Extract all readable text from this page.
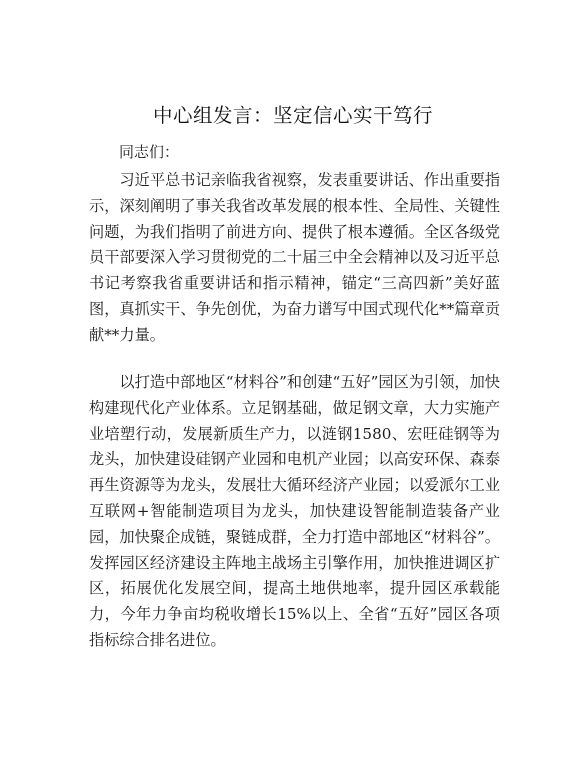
中心组发言：坚定信心实干笃行

同志们：

习近平总书记亲临我省视察，发表重要讲话、作出重要指示，深刻阐明了事关我省改革发展的根本性、全局性、关键性问题，为我们指明了前进方向、提供了根本遵循。全区各级党员干部要深入学习贯彻党的二十届三中全会精神以及习近平总书记考察我省重要讲话和指示精神，锚定“三高四新”美好蓝图，真抓实干、争先创优，为奋力谱写中国式现代化**篇章贡献**力量。

以打造中部地区“材料谷”和创建“五好”园区为引领，加快构建现代化产业体系。立足钢基础，做足钢文章，大力实施产业培塑行动，发展新质生产力，以涟钢1580、宏旺硅钢等为龙头，加快建设硅钢产业园和电机产业园；以高安环保、森泰再生资源等为龙头，发展壮大循环经济产业园；以爱派尔工业互联网+智能制造项目为龙头，加快建设智能制造装备产业园，加快聚企成链，聚链成群，全力打造中部地区“材料谷”。发挥园区经济建设主阵地主战场主引擎作用，加快推进调区扩区，拓展优化发展空间，提高土地供地率，提升园区承载能力，今年力争亩均税收增长15%以上、全省“五好”园区各项指标综合排名进位。
